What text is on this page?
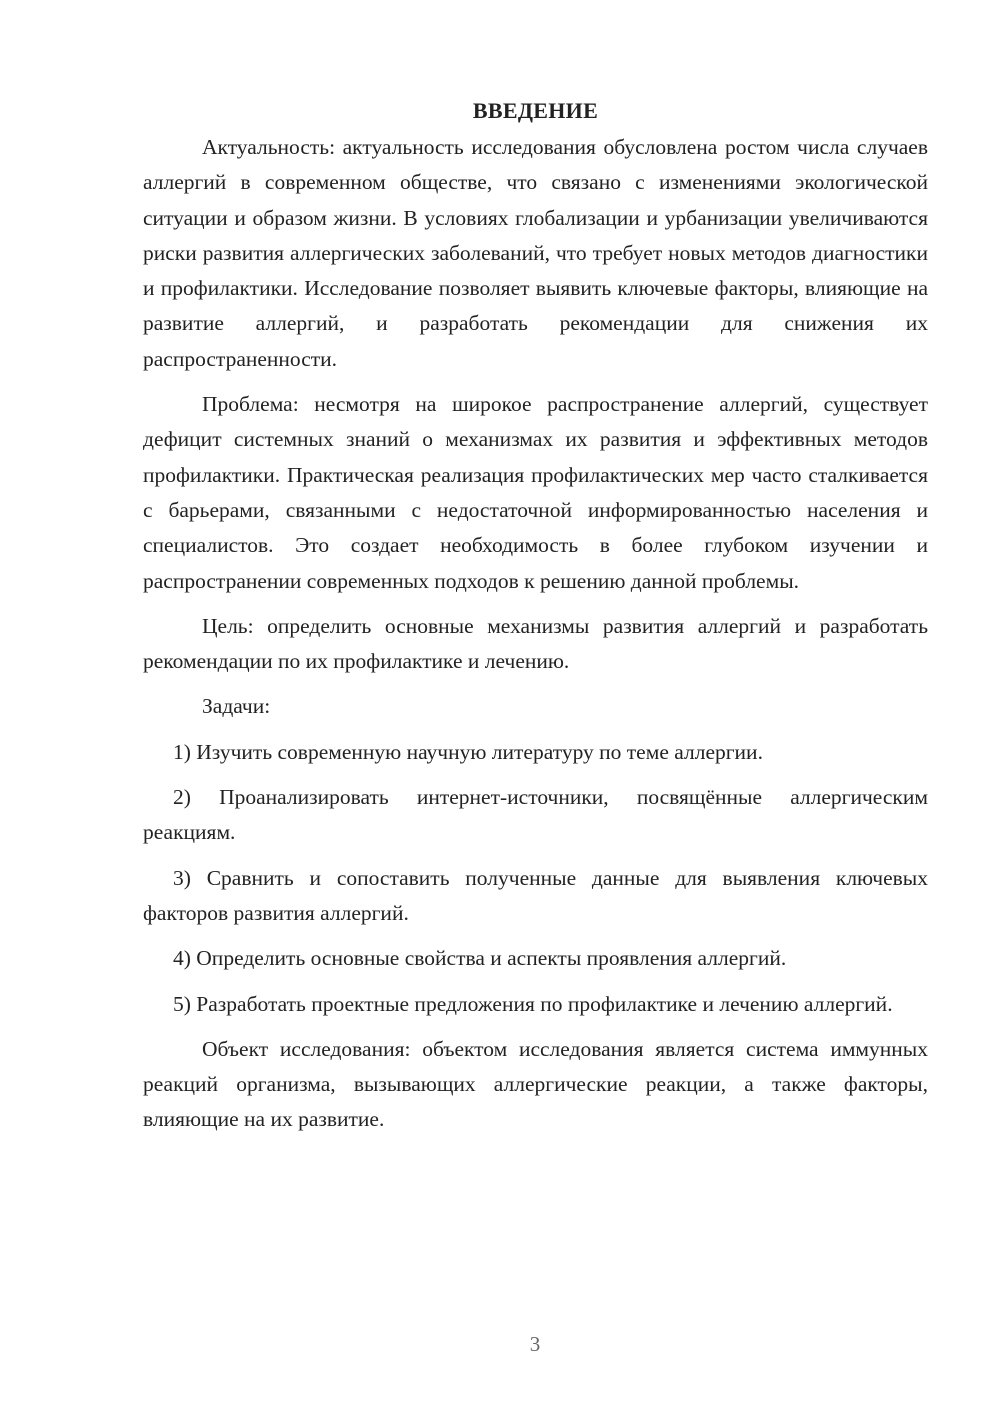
ВВЕДЕНИЕ

Актуальность: актуальность исследования обусловлена ростом числа случаев аллергий в современном обществе, что связано с изменениями экологической ситуации и образом жизни. В условиях глобализации и урбанизации увеличиваются риски развития аллергических заболеваний, что требует новых методов диагностики и профилактики. Исследование позволяет выявить ключевые факторы, влияющие на развитие аллергий, и разработать рекомендации для снижения их распространенности.

Проблема: несмотря на широкое распространение аллергий, существует дефицит системных знаний о механизмах их развития и эффективных методов профилактики. Практическая реализация профилактических мер часто сталкивается с барьерами, связанными с недостаточной информированностью населения и специалистов. Это создает необходимость в более глубоком изучении и распространении современных подходов к решению данной проблемы.

Цель: определить основные механизмы развития аллергий и разработать рекомендации по их профилактике и лечению.

Задачи:

1) Изучить современную научную литературу по теме аллергии.

2) Проанализировать интернет-источники, посвящённые аллергическим реакциям.

3) Сравнить и сопоставить полученные данные для выявления ключевых факторов развития аллергий.

4) Определить основные свойства и аспекты проявления аллергий.

5) Разработать проектные предложения по профилактике и лечению аллергий.

Объект исследования: объектом исследования является система иммунных реакций организма, вызывающих аллергические реакции, а также факторы, влияющие на их развитие.

3
